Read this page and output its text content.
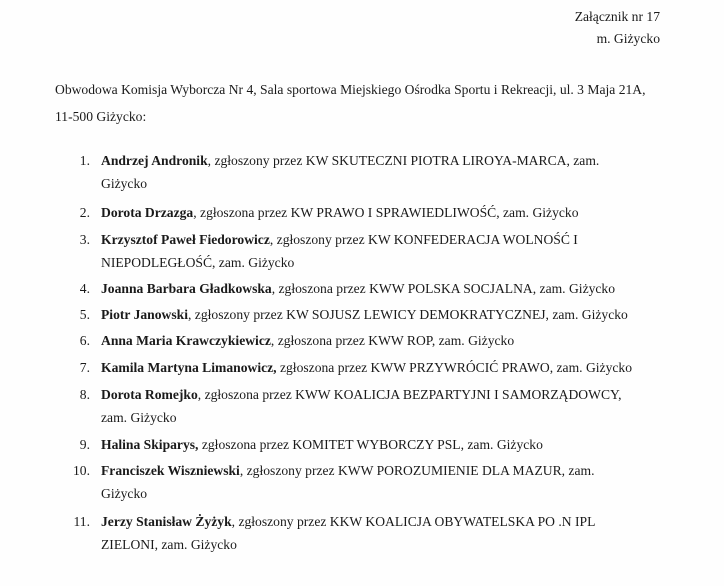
Załącznik nr 17
m. Giżycko
Obwodowa Komisja Wyborcza Nr 4, Sala sportowa Miejskiego Ośrodka Sportu i Rekreacji, ul. 3 Maja 21A,
11-500 Giżycko:
1. Andrzej Andronik, zgłoszony przez KW SKUTECZNI PIOTRA LIROYA-MARCA, zam.
Giżycko
2. Dorota Drzazga, zgłoszona przez KW PRAWO I SPRAWIEDLIWOŚĆ, zam. Giżycko
3. Krzysztof Paweł Fiedorowicz, zgłoszony przez KW KONFEDERACJA WOLNOŚĆ I
NIEPODLEGŁOŚĆ, zam. Giżycko
4. Joanna Barbara Gładkowska, zgłoszona przez KWW POLSKA SOCJALNA, zam. Giżycko
5. Piotr Janowski, zgłoszony przez KW SOJUSZ LEWICY DEMOKRATYCZNEJ, zam. Giżycko
6. Anna Maria Krawczykiewicz, zgłoszona przez KWW ROP, zam. Giżycko
7. Kamila Martyna Limanowicz, zgłoszona przez KWW PRZYWRÓCIĆ PRAWO, zam. Giżycko
8. Dorota Romejko, zgłoszona przez KWW KOALICJA BEZPARTYJNI I SAMORZĄDOWCY,
zam. Giżycko
9. Halina Skiparys, zgłoszona przez KOMITET WYBORCZY PSL, zam. Giżycko
10. Franciszek Wiszniewski, zgłoszony przez KWW POROZUMIENIE DLA MAZUR, zam.
Giżycko
11. Jerzy Stanisław Żyżyk, zgłoszony przez KKW KOALICJA OBYWATELSKA PO .N IPL
ZIELONI, zam. Giżycko
